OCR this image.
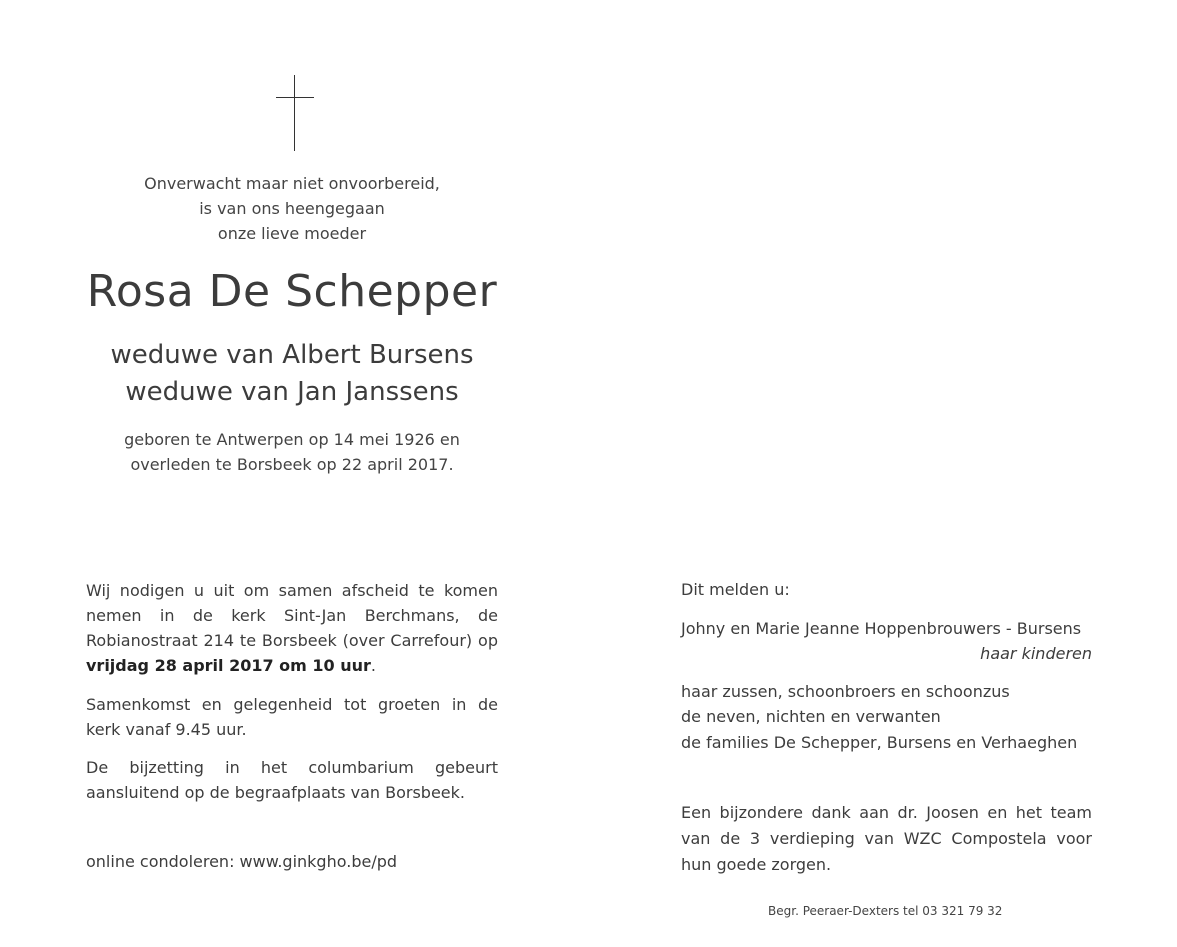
Onverwacht maar niet onvoorbereid,
is van ons heengegaan
onze lieve moeder
Rosa De Schepper
weduwe van Albert Bursens
weduwe van Jan Janssens
geboren te Antwerpen op 14 mei 1926 en
overleden te Borsbeek op 22 april 2017.

Wij nodigen u uit om samen afscheid te komen nemen in de kerk Sint-Jan Berchmans, de Robianostraat 214 te Borsbeek (over Carrefour) op vrijdag 28 april 2017 om 10 uur.

Samenkomst en gelegenheid tot groeten in de kerk vanaf 9.45 uur.

De bijzetting in het columbarium gebeurt aansluitend op de begraafplaats van Borsbeek.

online condoleren: www.ginkgho.be/pd
Dit melden u:
Johny en Marie Jeanne Hoppenbrouwers - Bursens
haar kinderen
haar zussen, schoonbroers en schoonzus
de neven, nichten en verwanten
de families De Schepper, Bursens en Verhaeghen

Een bijzondere dank aan dr. Joosen en het team van de 3 verdieping van WZC Compostela voor hun goede zorgen.

Begr. Peeraer-Dexters tel 03 321 79 32
